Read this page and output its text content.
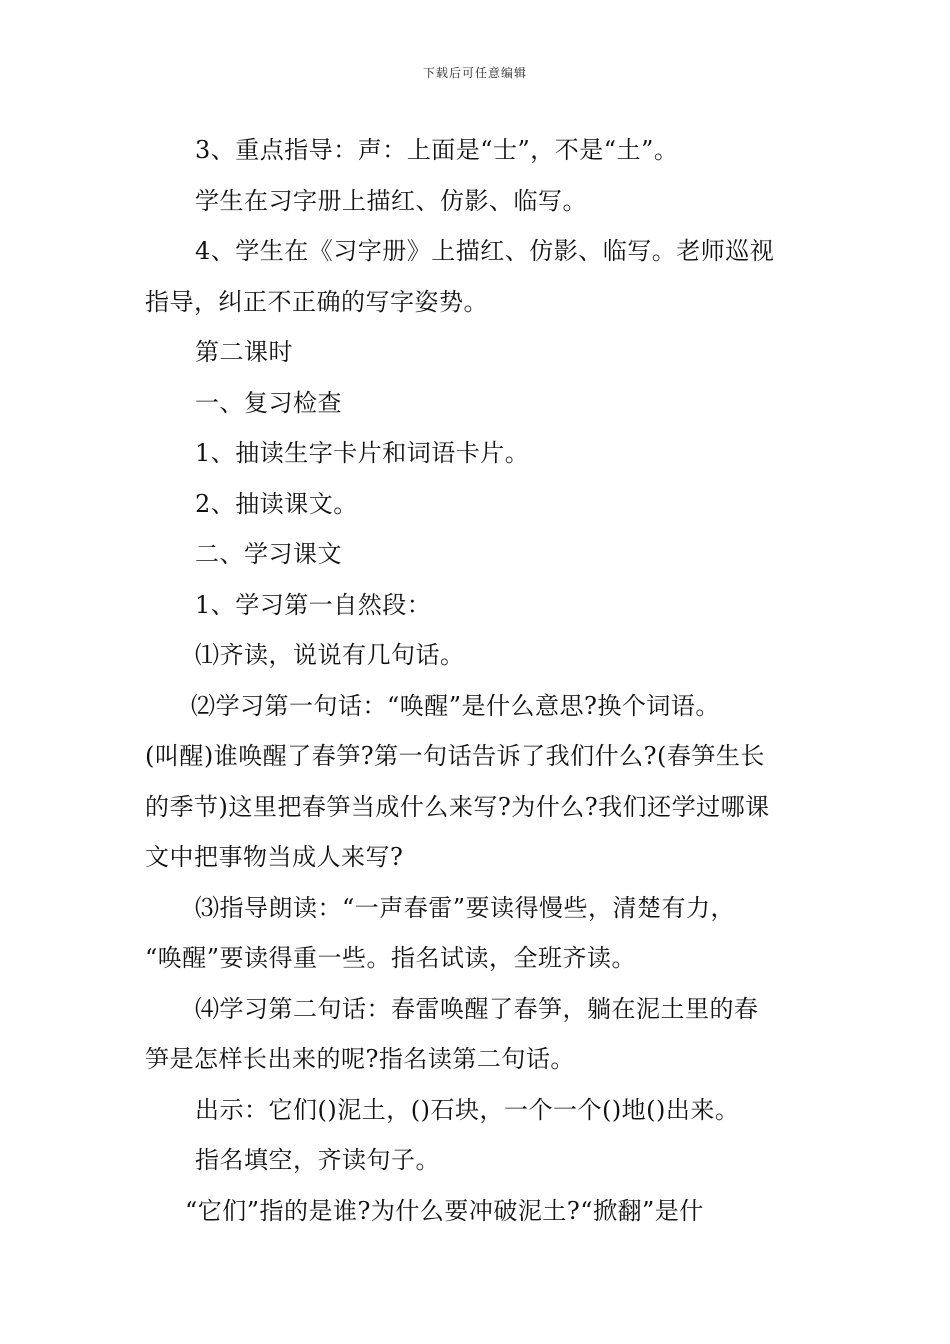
下载后可任意编辑

3、重点指导：声：上面是“士”，不是“土”。

学生在习字册上描红、仿影、临写。

4、学生在《习字册》上描红、仿影、临写。老师巡视

指导，纠正不正确的写字姿势。

第二课时

一、复习检查

1、抽读生字卡片和词语卡片。

2、抽读课文。

二、学习课文

1、学习第一自然段：

⑴齐读，说说有几句话。

⑵学习第一句话：“唤醒”是什么意思?换个词语。

(叫醒)谁唤醒了春笋?第一句话告诉了我们什么?(春笋生长

的季节)这里把春笋当成什么来写?为什么?我们还学过哪课

文中把事物当成人来写?

⑶指导朗读：“一声春雷”要读得慢些，清楚有力，

“唤醒”要读得重一些。指名试读，全班齐读。

⑷学习第二句话：春雷唤醒了春笋，躺在泥土里的春

笋是怎样长出来的呢?指名读第二句话。

出示：它们()泥土，()石块，一个一个()地()出来。

指名填空，齐读句子。

“它们”指的是谁?为什么要冲破泥土?“掀翻”是什
